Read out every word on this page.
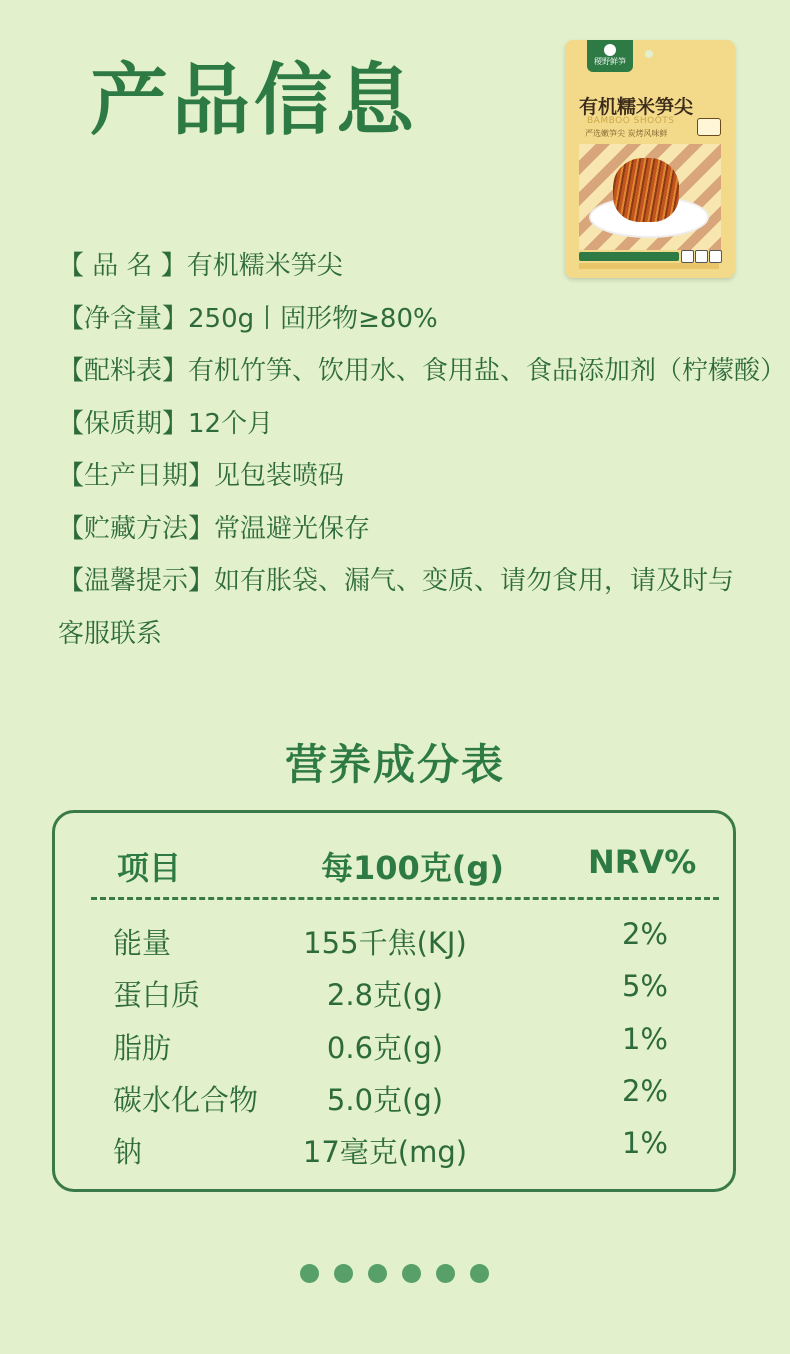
产品信息	稷野鲜笋
有机糯米笋尖
BAMBOO SHOOTS
严选嫩笋尖 炭烤风味鲜
【 品 名 】有机糯米笋尖
【净含量】250g丨固形物≥80%
【配料表】有机竹笋、饮用水、食用盐、食品添加剂（柠檬酸）
【保质期】12个月
【生产日期】见包装喷码
【贮藏方法】常温避光保存
【温馨提示】如有胀袋、漏气、变质、请勿食用，请及时与客服联系
营养成分表
项目	每100克(g)	NRV%
能量	155千焦(KJ)	2%
蛋白质	2.8克(g)	5%
脂肪	0.6克(g)	1%
碳水化合物	5.0克(g)	2%
钠	17毫克(mg)	1%
